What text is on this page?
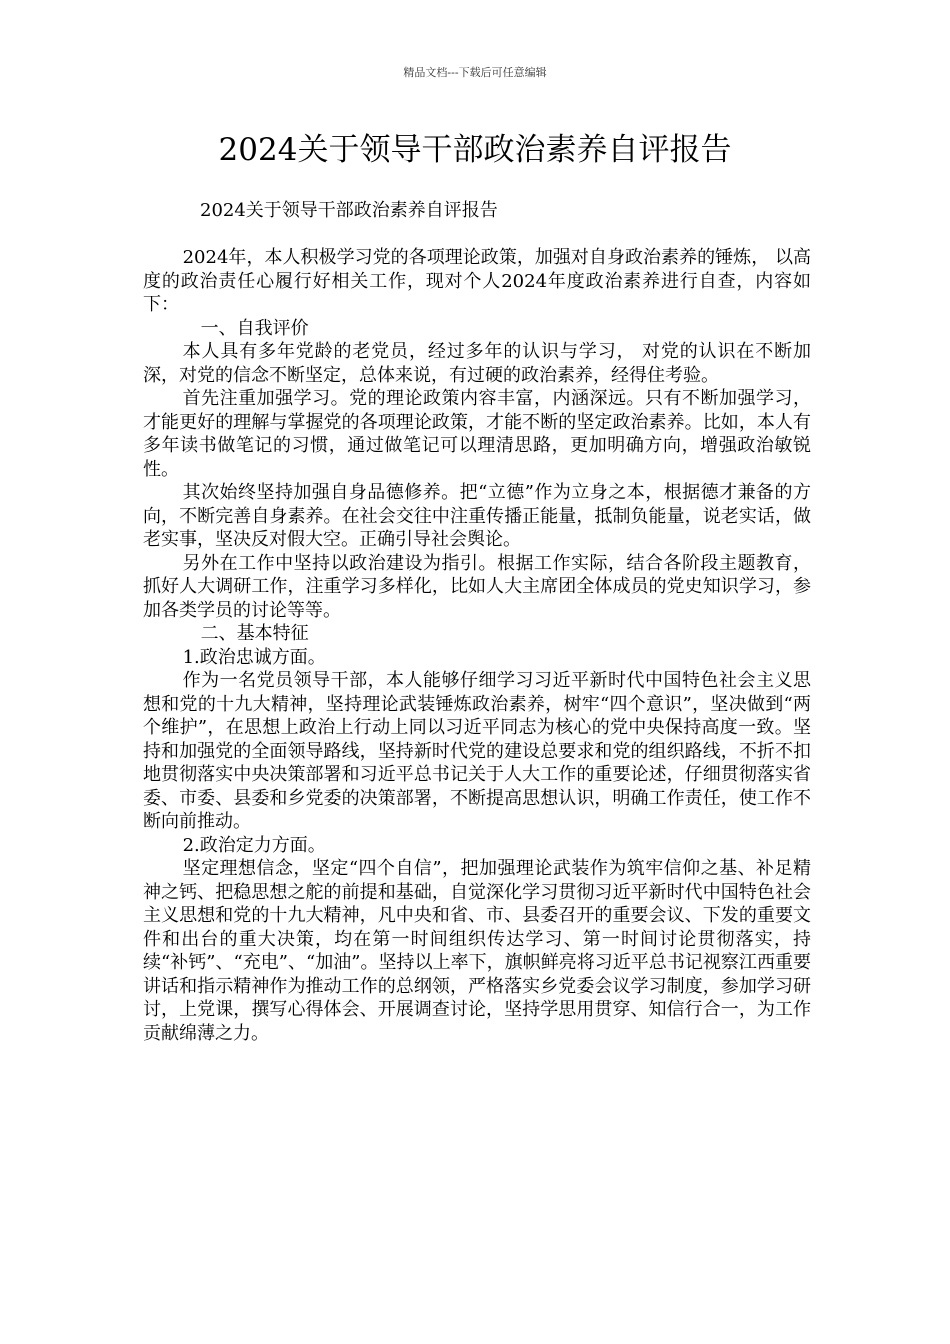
精品文档---下载后可任意编辑
2024关于领导干部政治素养自评报告
2024关于领导干部政治素养自评报告

2024年，本人积极学习党的各项理论政策，加强对自身政治素养的锤炼， 以高度的政治责任心履行好相关工作，现对个人2024年度政治素养进行自查，内容如下：

一、自我评价

本人具有多年党龄的老党员，经过多年的认识与学习， 对党的认识在不断加深，对党的信念不断坚定，总体来说，有过硬的政治素养，经得住考验。

首先注重加强学习。党的理论政策内容丰富，内涵深远。只有不断加强学习，才能更好的理解与掌握党的各项理论政策，才能不断的坚定政治素养。比如，本人有多年读书做笔记的习惯，通过做笔记可以理清思路，更加明确方向，增强政治敏锐性。

其次始终坚持加强自身品德修养。把“立德”作为立身之本，根据德才兼备的方向，不断完善自身素养。在社会交往中注重传播正能量，抵制负能量，说老实话，做老实事，坚决反对假大空。正确引导社会舆论。

另外在工作中坚持以政治建设为指引。根据工作实际，结合各阶段主题教育，抓好人大调研工作，注重学习多样化，比如人大主席团全体成员的党史知识学习，参加各类学员的讨论等等。

二、基本特征

1.政治忠诚方面。

作为一名党员领导干部，本人能够仔细学习习近平新时代中国特色社会主义思想和党的十九大精神，坚持理论武装锤炼政治素养，树牢“四个意识”，坚决做到“两个维护”，在思想上政治上行动上同以习近平同志为核心的党中央保持高度一致。坚持和加强党的全面领导路线，坚持新时代党的建设总要求和党的组织路线，不折不扣地贯彻落实中央决策部署和习近平总书记关于人大工作的重要论述，仔细贯彻落实省委、市委、县委和乡党委的决策部署，不断提高思想认识，明确工作责任，使工作不断向前推动。

2.政治定力方面。

坚定理想信念，坚定“四个自信”，把加强理论武装作为筑牢信仰之基、补足精神之钙、把稳思想之舵的前提和基础，自觉深化学习贯彻习近平新时代中国特色社会主义思想和党的十九大精神，凡中央和省、市、县委召开的重要会议、下发的重要文件和出台的重大决策，均在第一时间组织传达学习、第一时间讨论贯彻落实，持续“补钙”、“充电”、“加油”。坚持以上率下，旗帜鲜亮将习近平总书记视察江西重要讲话和指示精神作为推动工作的总纲领，严格落实乡党委会议学习制度，参加学习研讨，上党课，撰写心得体会、开展调查讨论，坚持学思用贯穿、知信行合一，为工作贡献绵薄之力。
